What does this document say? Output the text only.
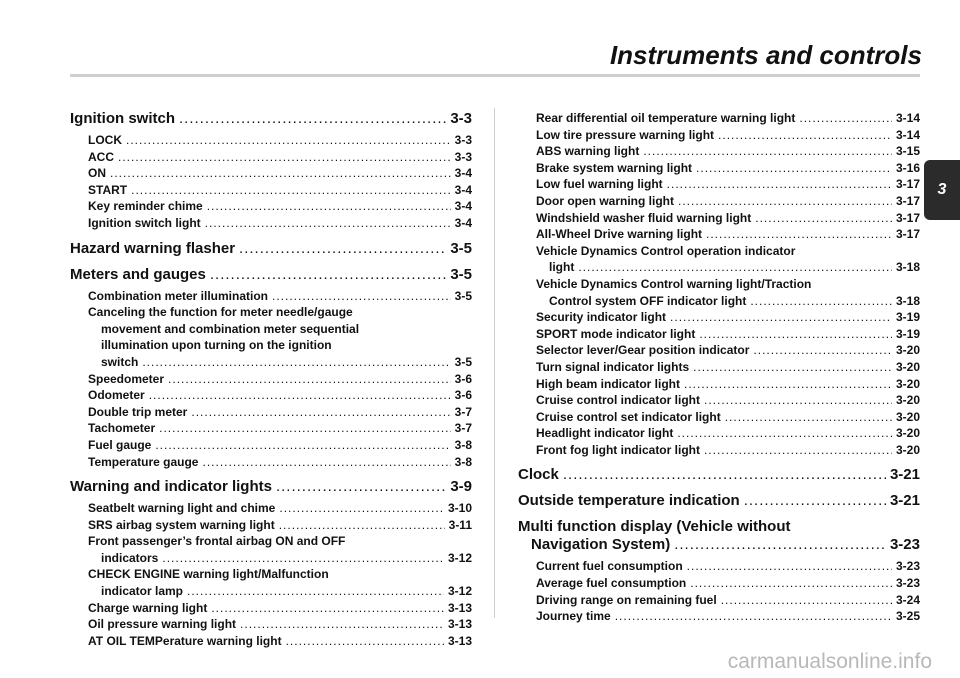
Instruments and controls
3
Ignition switch .....	3-3
LOCK .....	3-3
ACC .....	3-3
ON .....	3-4
START .....	3-4
Key reminder chime .....	3-4
Ignition switch light .....	3-4
Hazard warning flasher .....	3-5
Meters and gauges .....	3-5
Combination meter illumination .....	3-5
Canceling the function for meter needle/gauge
movement and combination meter sequential
illumination upon turning on the ignition
switch .....	3-5
Speedometer .....	3-6
Odometer .....	3-6
Double trip meter .....	3-7
Tachometer .....	3-7
Fuel gauge .....	3-8
Temperature gauge .....	3-8
Warning and indicator lights .....	3-9
Seatbelt warning light and chime .....	3-10
SRS airbag system warning light .....	3-11
Front passenger’s frontal airbag ON and OFF
indicators .....	3-12
CHECK ENGINE warning light/Malfunction
indicator lamp .....	3-12
Charge warning light .....	3-13
Oil pressure warning light .....	3-13
AT OIL TEMPerature warning light .....	3-13
Rear differential oil temperature warning light .....	3-14
Low tire pressure warning light .....	3-14
ABS warning light .....	3-15
Brake system warning light .....	3-16
Low fuel warning light .....	3-17
Door open warning light .....	3-17
Windshield washer fluid warning light .....	3-17
All-Wheel Drive warning light .....	3-17
Vehicle Dynamics Control operation indicator
light .....	3-18
Vehicle Dynamics Control warning light/Traction
Control system OFF indicator light .....	3-18
Security indicator light .....	3-19
SPORT mode indicator light .....	3-19
Selector lever/Gear position indicator .....	3-20
Turn signal indicator lights .....	3-20
High beam indicator light .....	3-20
Cruise control indicator light .....	3-20
Cruise control set indicator light .....	3-20
Headlight indicator light .....	3-20
Front fog light indicator light .....	3-20
Clock .....	3-21
Outside temperature indication .....	3-21
Multi function display (Vehicle without
Navigation System) .....	3-23
Current fuel consumption .....	3-23
Average fuel consumption .....	3-23
Driving range on remaining fuel .....	3-24
Journey time .....	3-25
carmanualsonline.info
